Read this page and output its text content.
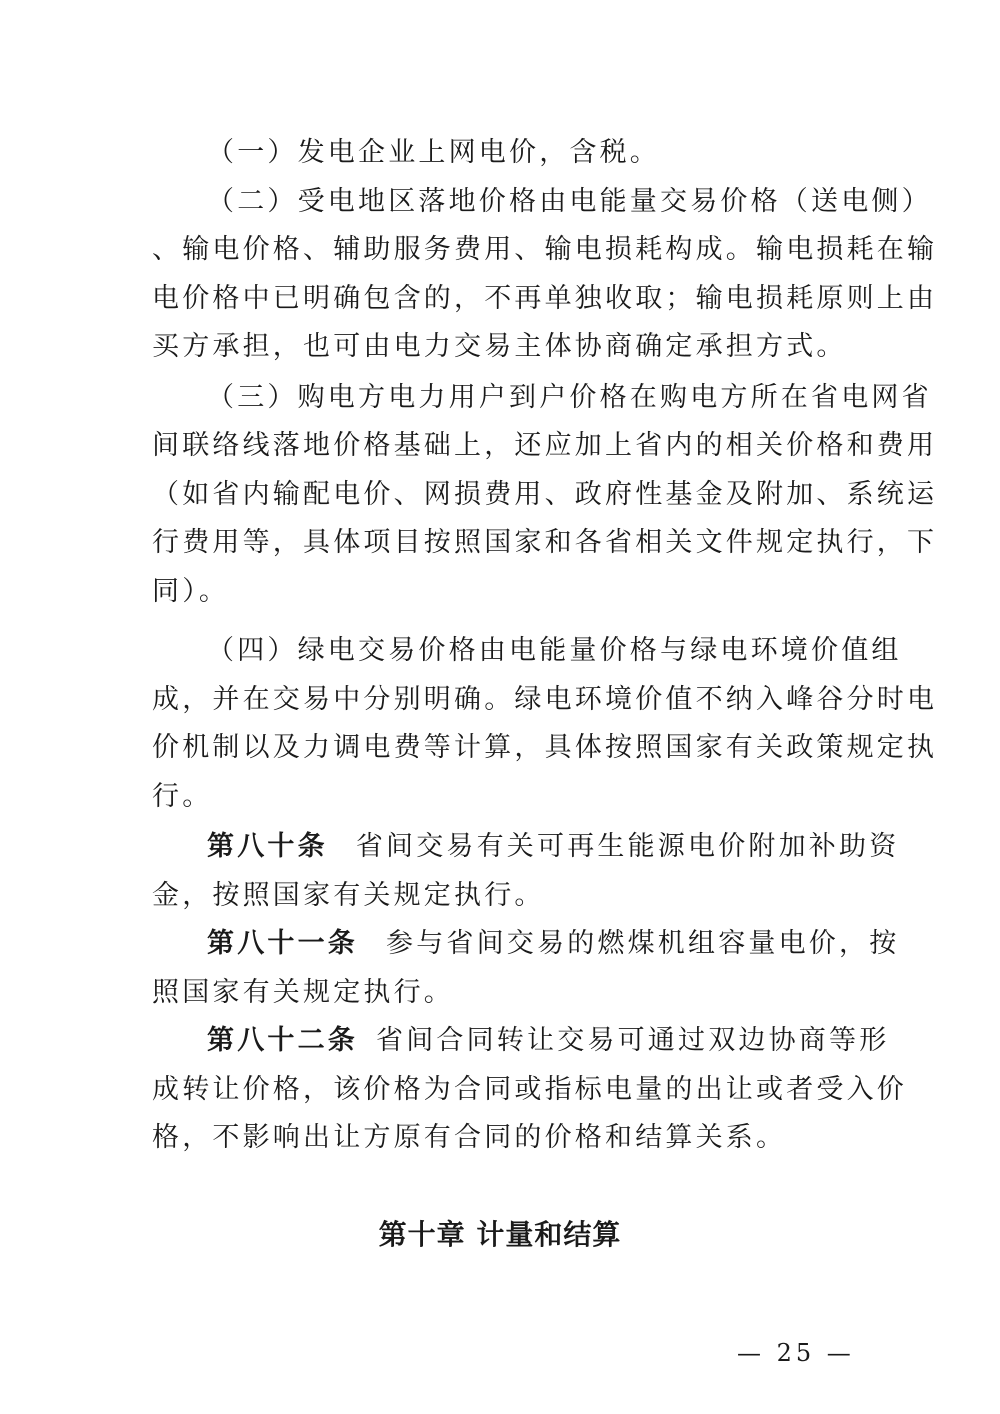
（一）发电企业上网电价，含税。
（二）受电地区落地价格由电能量交易价格（送电侧）
、输电价格、辅助服务费用、输电损耗构成。输电损耗在输
电价格中已明确包含的，不再单独收取；输电损耗原则上由
买方承担，也可由电力交易主体协商确定承担方式。
（三）购电方电力用户到户价格在购电方所在省电网省
间联络线落地价格基础上，还应加上省内的相关价格和费用
（如省内输配电价、网损费用、政府性基金及附加、系统运
行费用等，具体项目按照国家和各省相关文件规定执行，下
同）。
（四）绿电交易价格由电能量价格与绿电环境价值组
成，并在交易中分别明确。绿电环境价值不纳入峰谷分时电
价机制以及力调电费等计算，具体按照国家有关政策规定执
行。
第八十条 省间交易有关可再生能源电价附加补助资
金，按照国家有关规定执行。
第八十一条 参与省间交易的燃煤机组容量电价，按
照国家有关规定执行。
第八十二条 省间合同转让交易可通过双边协商等形
成转让价格，该价格为合同或指标电量的出让或者受入价
格，不影响出让方原有合同的价格和结算关系。
第十章 计量和结算
— 25 —
